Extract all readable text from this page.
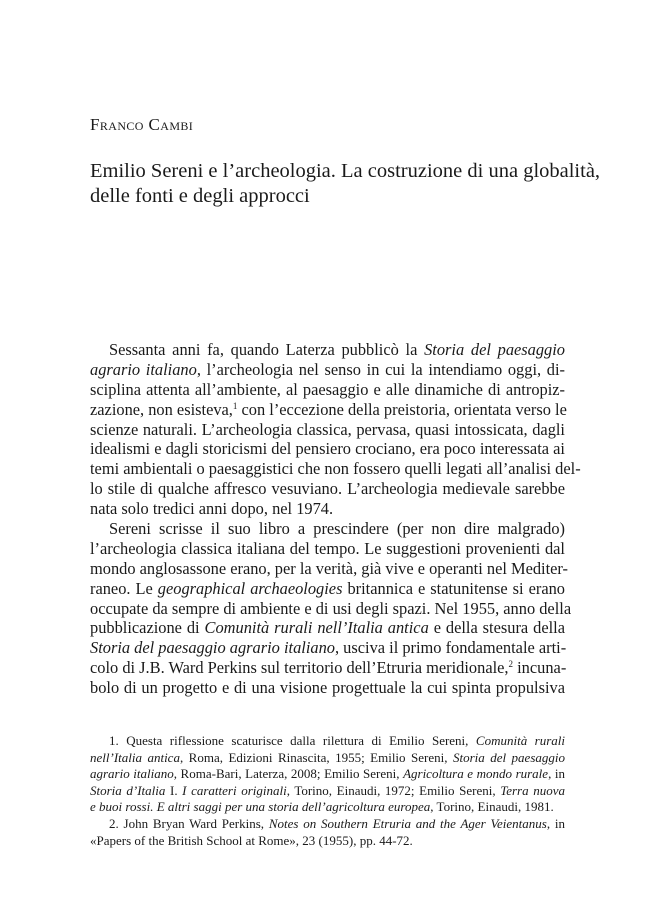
Franco Cambi
Emilio Sereni e l’archeologia. La costruzione di una globalità,
delle fonti e degli approcci
Sessanta anni fa, quando Laterza pubblicò la Storia del paesaggio
agrario italiano, l’archeologia nel senso in cui la intendiamo oggi, di-
sciplina attenta all’ambiente, al paesaggio e alle dinamiche di antropiz-
zazione, non esisteva,$^1$ con l’eccezione della preistoria, orientata verso le
scienze naturali. L’archeologia classica, pervasa, quasi intossicata, dagli
idealismi e dagli storicismi del pensiero crociano, era poco interessata ai
temi ambientali o paesaggistici che non fossero quelli legati all’analisi del-
lo stile di qualche affresco vesuviano. L’archeologia medievale sarebbe
nata solo tredici anni dopo, nel 1974.
Sereni scrisse il suo libro a prescindere (per non dire malgrado)
l’archeologia classica italiana del tempo. Le suggestioni provenienti dal
mondo anglosassone erano, per la verità, già vive e operanti nel Mediter-
raneo. Le geographical archaeologies britannica e statunitense si erano
occupate da sempre di ambiente e di usi degli spazi. Nel 1955, anno della
pubblicazione di Comunità rurali nell’Italia antica e della stesura della
Storia del paesaggio agrario italiano, usciva il primo fondamentale arti-
colo di J.B. Ward Perkins sul territorio dell’Etruria meridionale,$^2$ incuna-
bolo di un progetto e di una visione progettuale la cui spinta propulsiva
1. Questa riflessione scaturisce dalla rilettura di Emilio Sereni, Comunità rurali
nell’Italia antica, Roma, Edizioni Rinascita, 1955; Emilio Sereni, Storia del paesaggio
agrario italiano, Roma-Bari, Laterza, 2008; Emilio Sereni, Agricoltura e mondo rurale, in
Storia d’Italia I. I caratteri originali, Torino, Einaudi, 1972; Emilio Sereni, Terra nuova
e buoi rossi. E altri saggi per una storia dell’agricoltura europea, Torino, Einaudi, 1981.
2. John Bryan Ward Perkins, Notes on Southern Etruria and the Ager Veientanus, in
«Papers of the British School at Rome», 23 (1955), pp. 44-72.
